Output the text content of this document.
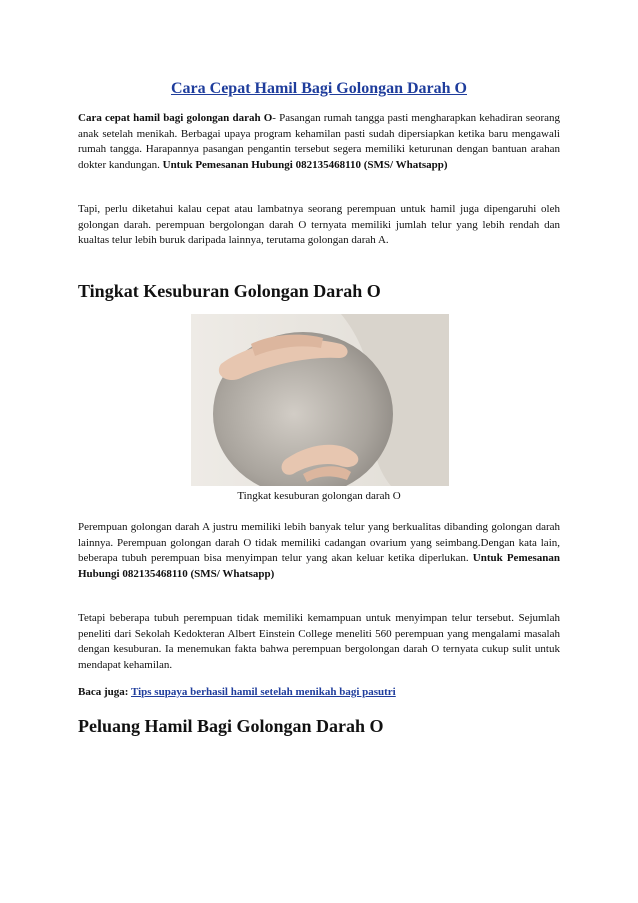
Cara Cepat Hamil Bagi Golongan Darah O

Cara cepat hamil bagi golongan darah O- Pasangan rumah tangga pasti mengharapkan kehadiran seorang anak setelah menikah. Berbagai upaya program kehamilan pasti sudah dipersiapkan ketika baru mengawali rumah tangga. Harapannya pasangan pengantin tersebut segera memiliki keturunan dengan bantuan arahan dokter kandungan. Untuk Pemesanan Hubungi 082135468110 (SMS/ Whatsapp)

Tapi, perlu diketahui kalau cepat atau lambatnya seorang perempuan untuk hamil juga dipengaruhi oleh golongan darah. perempuan bergolongan darah O ternyata memiliki jumlah telur yang lebih rendah dan kualtas telur lebih buruk daripada lainnya, terutama golongan darah A.

Tingkat Kesuburan Golongan Darah O

Tingkat kesuburan golongan darah O

Perempuan golongan darah A justru memiliki lebih banyak telur yang berkualitas dibanding golongan darah lainnya. Perempuan golongan darah O tidak memiliki cadangan ovarium yang seimbang.Dengan kata lain, beberapa tubuh perempuan bisa menyimpan telur yang akan keluar ketika diperlukan. Untuk Pemesanan Hubungi 082135468110 (SMS/ Whatsapp)

Tetapi beberapa tubuh perempuan tidak memiliki kemampuan untuk menyimpan telur tersebut. Sejumlah peneliti dari Sekolah Kedokteran Albert Einstein College meneliti 560 perempuan yang mengalami masalah dengan kesuburan. Ia menemukan fakta bahwa perempuan bergolongan darah O ternyata cukup sulit untuk mendapat kehamilan.

Baca juga: Tips supaya berhasil hamil setelah menikah bagi pasutri

Peluang Hamil Bagi Golongan Darah O
